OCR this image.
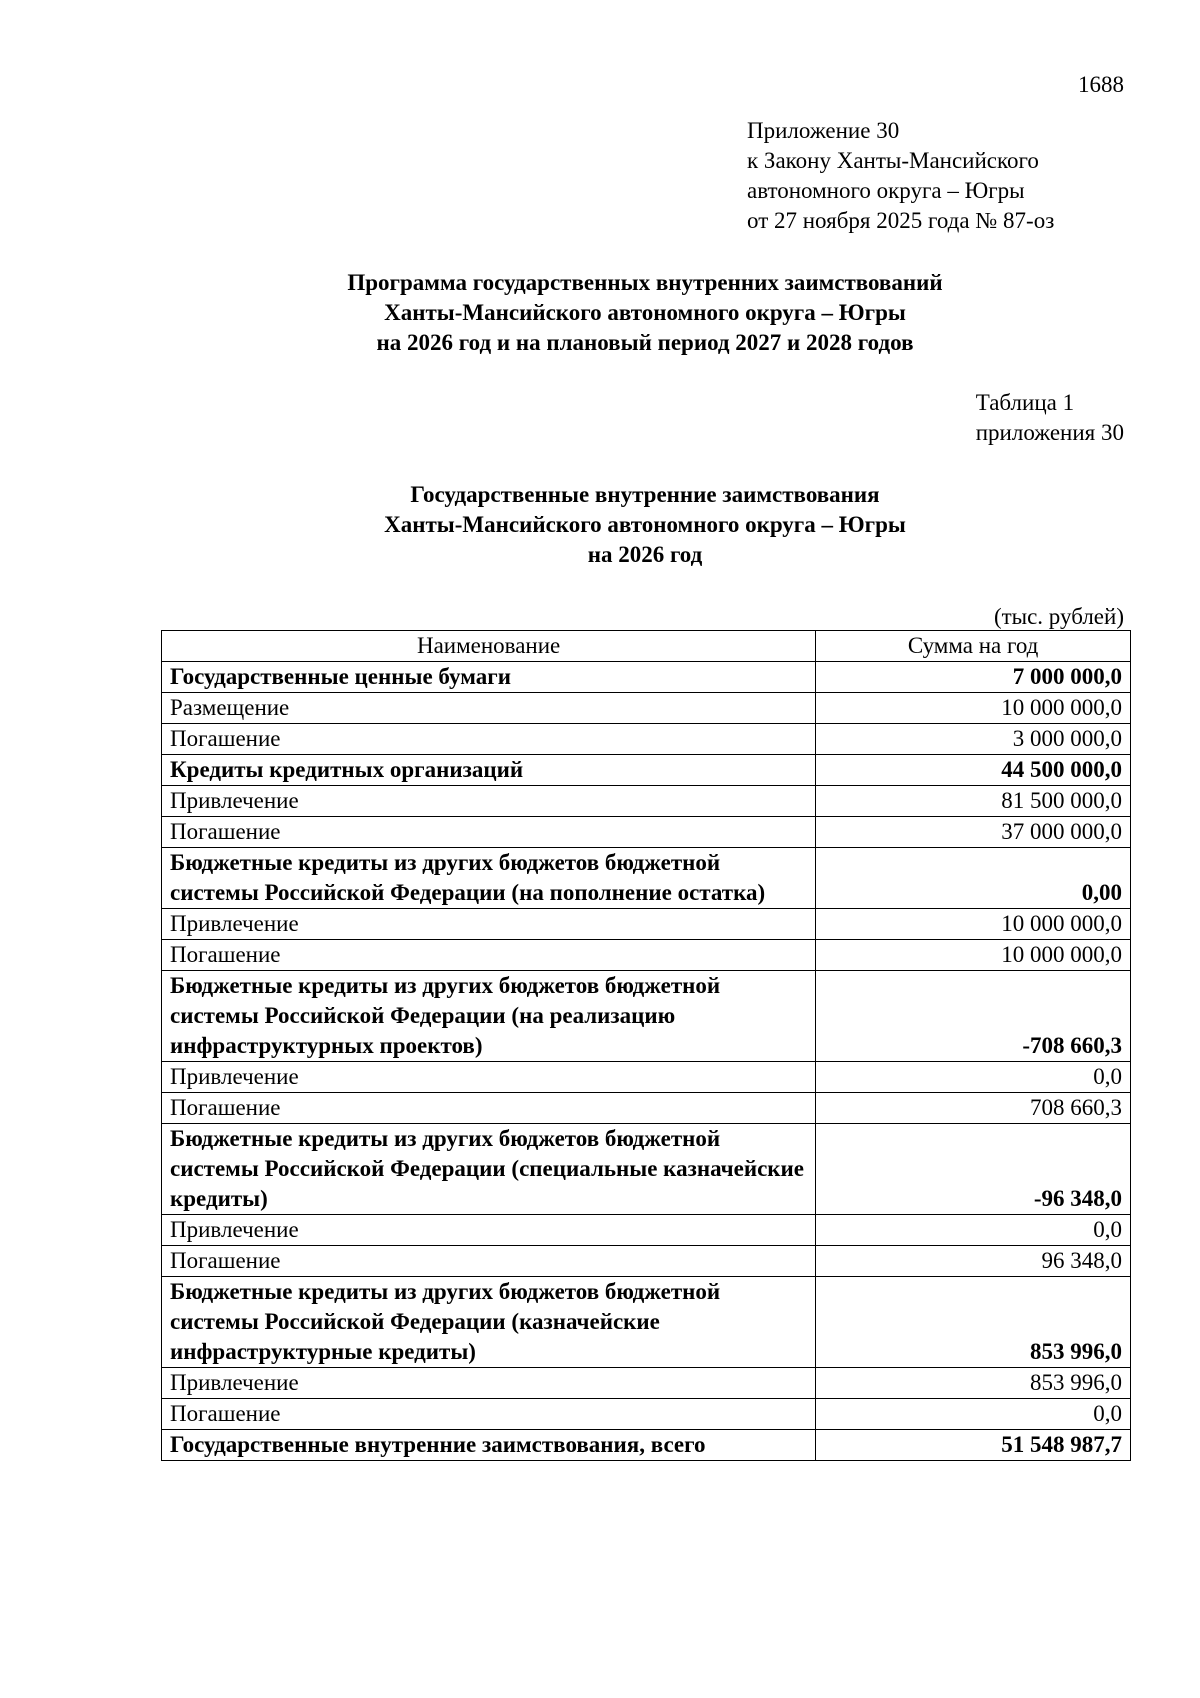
1688
Приложение 30
к Закону Ханты-Мансийского
автономного округа – Югры
от 27 ноября 2025 года № 87-оз
Программа государственных внутренних заимствований
Ханты-Мансийского автономного округа – Югры
на 2026 год и на плановый период 2027 и 2028 годов
Таблица 1
приложения 30
Государственные внутренние заимствования
Ханты-Мансийского автономного округа – Югры
на 2026 год
(тыс. рублей)
Наименование	Сумма на год
Государственные ценные бумаги	7 000 000,0
Размещение	10 000 000,0
Погашение	3 000 000,0
Кредиты кредитных организаций	44 500 000,0
Привлечение	81 500 000,0
Погашение	37 000 000,0
Бюджетные кредиты из других бюджетов бюджетной системы Российской Федерации (на пополнение остатка)	0,00
Привлечение	10 000 000,0
Погашение	10 000 000,0
Бюджетные кредиты из других бюджетов бюджетной системы Российской Федерации (на реализацию инфраструктурных проектов)	-708 660,3
Привлечение	0,0
Погашение	708 660,3
Бюджетные кредиты из других бюджетов бюджетной системы Российской Федерации (специальные казначейские кредиты)	-96 348,0
Привлечение	0,0
Погашение	96 348,0
Бюджетные кредиты из других бюджетов бюджетной системы Российской Федерации (казначейские инфраструктурные кредиты)	853 996,0
Привлечение	853 996,0
Погашение	0,0
Государственные внутренние заимствования, всего	51 548 987,7
